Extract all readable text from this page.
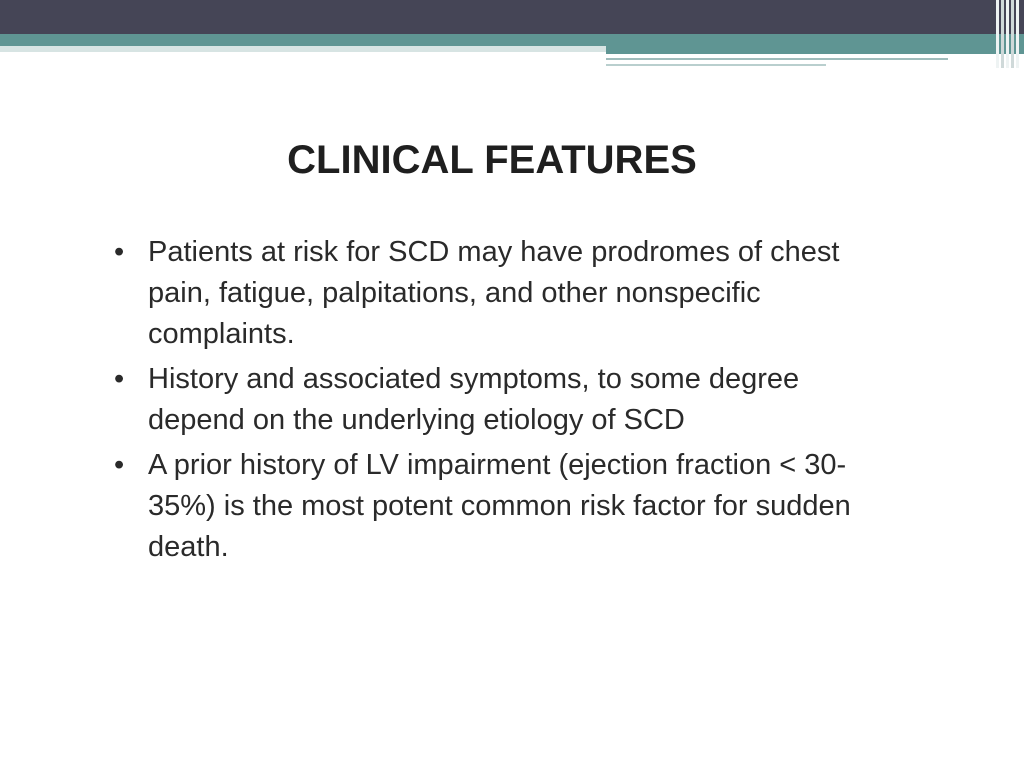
CLINICAL FEATURES
• Patients at risk for SCD may have prodromes of chest pain, fatigue, palpitations, and other nonspecific complaints.
• History and associated symptoms, to some degree depend on the underlying etiology of SCD
• A prior history of LV impairment (ejection fraction < 30-35%) is the most potent common risk factor for sudden death.
